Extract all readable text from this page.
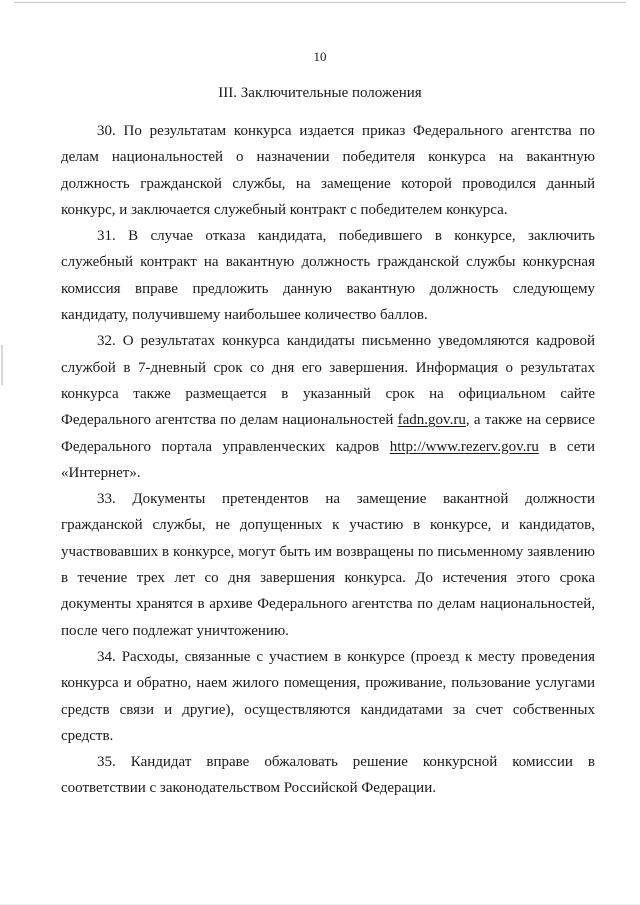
10
III. Заключительные положения

30. По результатам конкурса издается приказ Федерального агентства по делам национальностей о назначении победителя конкурса на вакантную должность гражданской службы, на замещение которой проводился данный конкурс, и заключается служебный контракт с победителем конкурса.

31. В случае отказа кандидата, победившего в конкурсе, заключить служебный контракт на вакантную должность гражданской службы конкурсная комиссия вправе предложить данную вакантную должность следующему кандидату, получившему наибольшее количество баллов.

32. О результатах конкурса кандидаты письменно уведомляются кадровой службой в 7-дневный срок со дня его завершения. Информация о результатах конкурса также размещается в указанный срок на официальном сайте Федерального агентства по делам национальностей fadn.gov.ru, а также на сервисе Федерального портала управленческих кадров http://www.rezerv.gov.ru в сети «Интернет».

33. Документы претендентов на замещение вакантной должности гражданской службы, не допущенных к участию в конкурсе, и кандидатов, участвовавших в конкурсе, могут быть им возвращены по письменному заявлению в течение трех лет со дня завершения конкурса. До истечения этого срока документы хранятся в архиве Федерального агентства по делам национальностей, после чего подлежат уничтожению.

34. Расходы, связанные с участием в конкурсе (проезд к месту проведения конкурса и обратно, наем жилого помещения, проживание, пользование услугами средств связи и другие), осуществляются кандидатами за счет собственных средств.

35. Кандидат вправе обжаловать решение конкурсной комиссии в соответствии с законодательством Российской Федерации.
